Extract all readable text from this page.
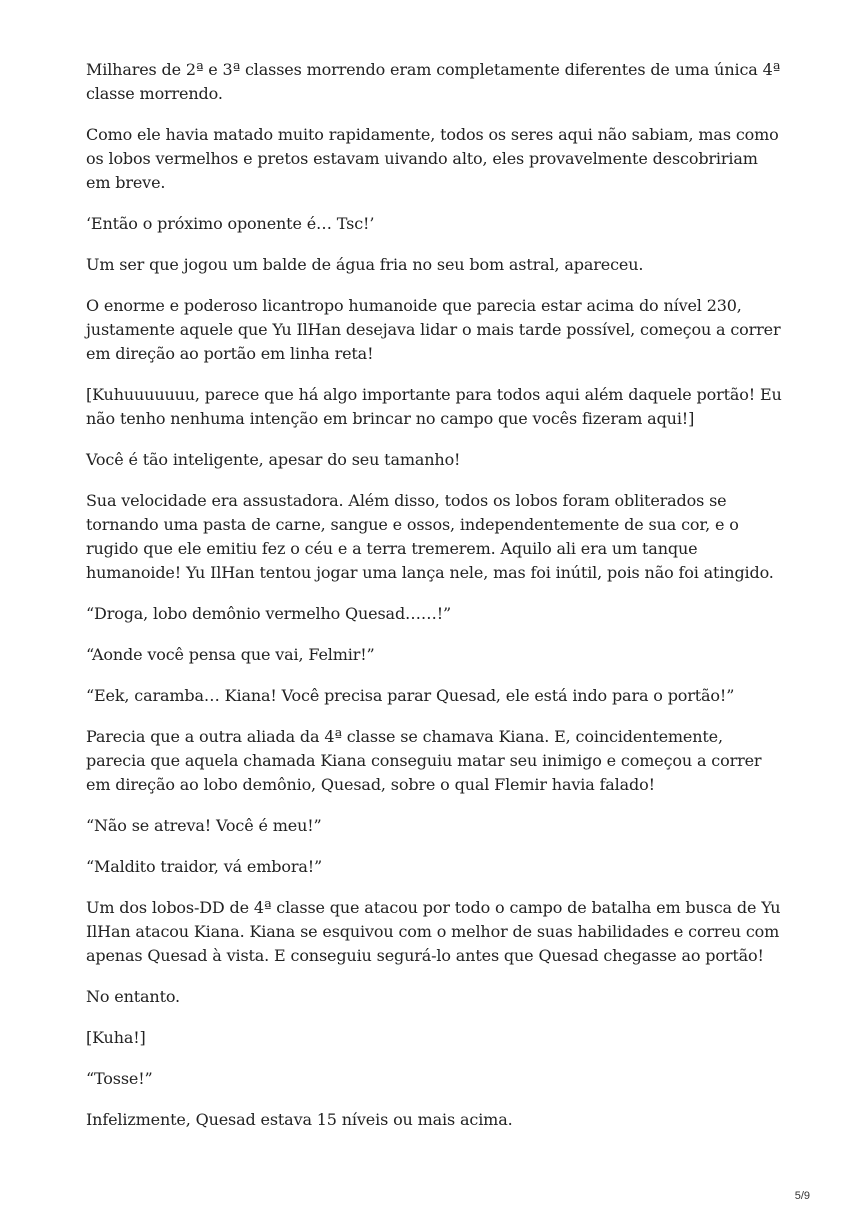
Milhares de 2ª e 3ª classes morrendo eram completamente diferentes de uma única 4ª classe morrendo.

Como ele havia matado muito rapidamente, todos os seres aqui não sabiam, mas como os lobos vermelhos e pretos estavam uivando alto, eles provavelmente descobririam em breve.

‘Então o próximo oponente é… Tsc!’

Um ser que jogou um balde de água fria no seu bom astral, apareceu.

O enorme e poderoso licantropo humanoide que parecia estar acima do nível 230, justamente aquele que Yu IlHan desejava lidar o mais tarde possível, começou a correr em direção ao portão em linha reta!

[Kuhuuuuuuu, parece que há algo importante para todos aqui além daquele portão! Eu não tenho nenhuma intenção em brincar no campo que vocês fizeram aqui!]

Você é tão inteligente, apesar do seu tamanho!

Sua velocidade era assustadora. Além disso, todos os lobos foram obliterados se tornando uma pasta de carne, sangue e ossos, independentemente de sua cor, e o rugido que ele emitiu fez o céu e a terra tremerem. Aquilo ali era um tanque humanoide! Yu IlHan tentou jogar uma lança nele, mas foi inútil, pois não foi atingido.

“Droga, lobo demônio vermelho Quesad……!”

“Aonde você pensa que vai, Felmir!”

“Eek, caramba… Kiana! Você precisa parar Quesad, ele está indo para o portão!”

Parecia que a outra aliada da 4ª classe se chamava Kiana. E, coincidentemente, parecia que aquela chamada Kiana conseguiu matar seu inimigo e começou a correr em direção ao lobo demônio, Quesad, sobre o qual Flemir havia falado!

“Não se atreva! Você é meu!”

“Maldito traidor, vá embora!”

Um dos lobos-DD de 4ª classe que atacou por todo o campo de batalha em busca de Yu IlHan atacou Kiana. Kiana se esquivou com o melhor de suas habilidades e correu com apenas Quesad à vista. E conseguiu segurá-lo antes que Quesad chegasse ao portão!

No entanto.

[Kuha!]

“Tosse!”

Infelizmente, Quesad estava 15 níveis ou mais acima.

5/9
